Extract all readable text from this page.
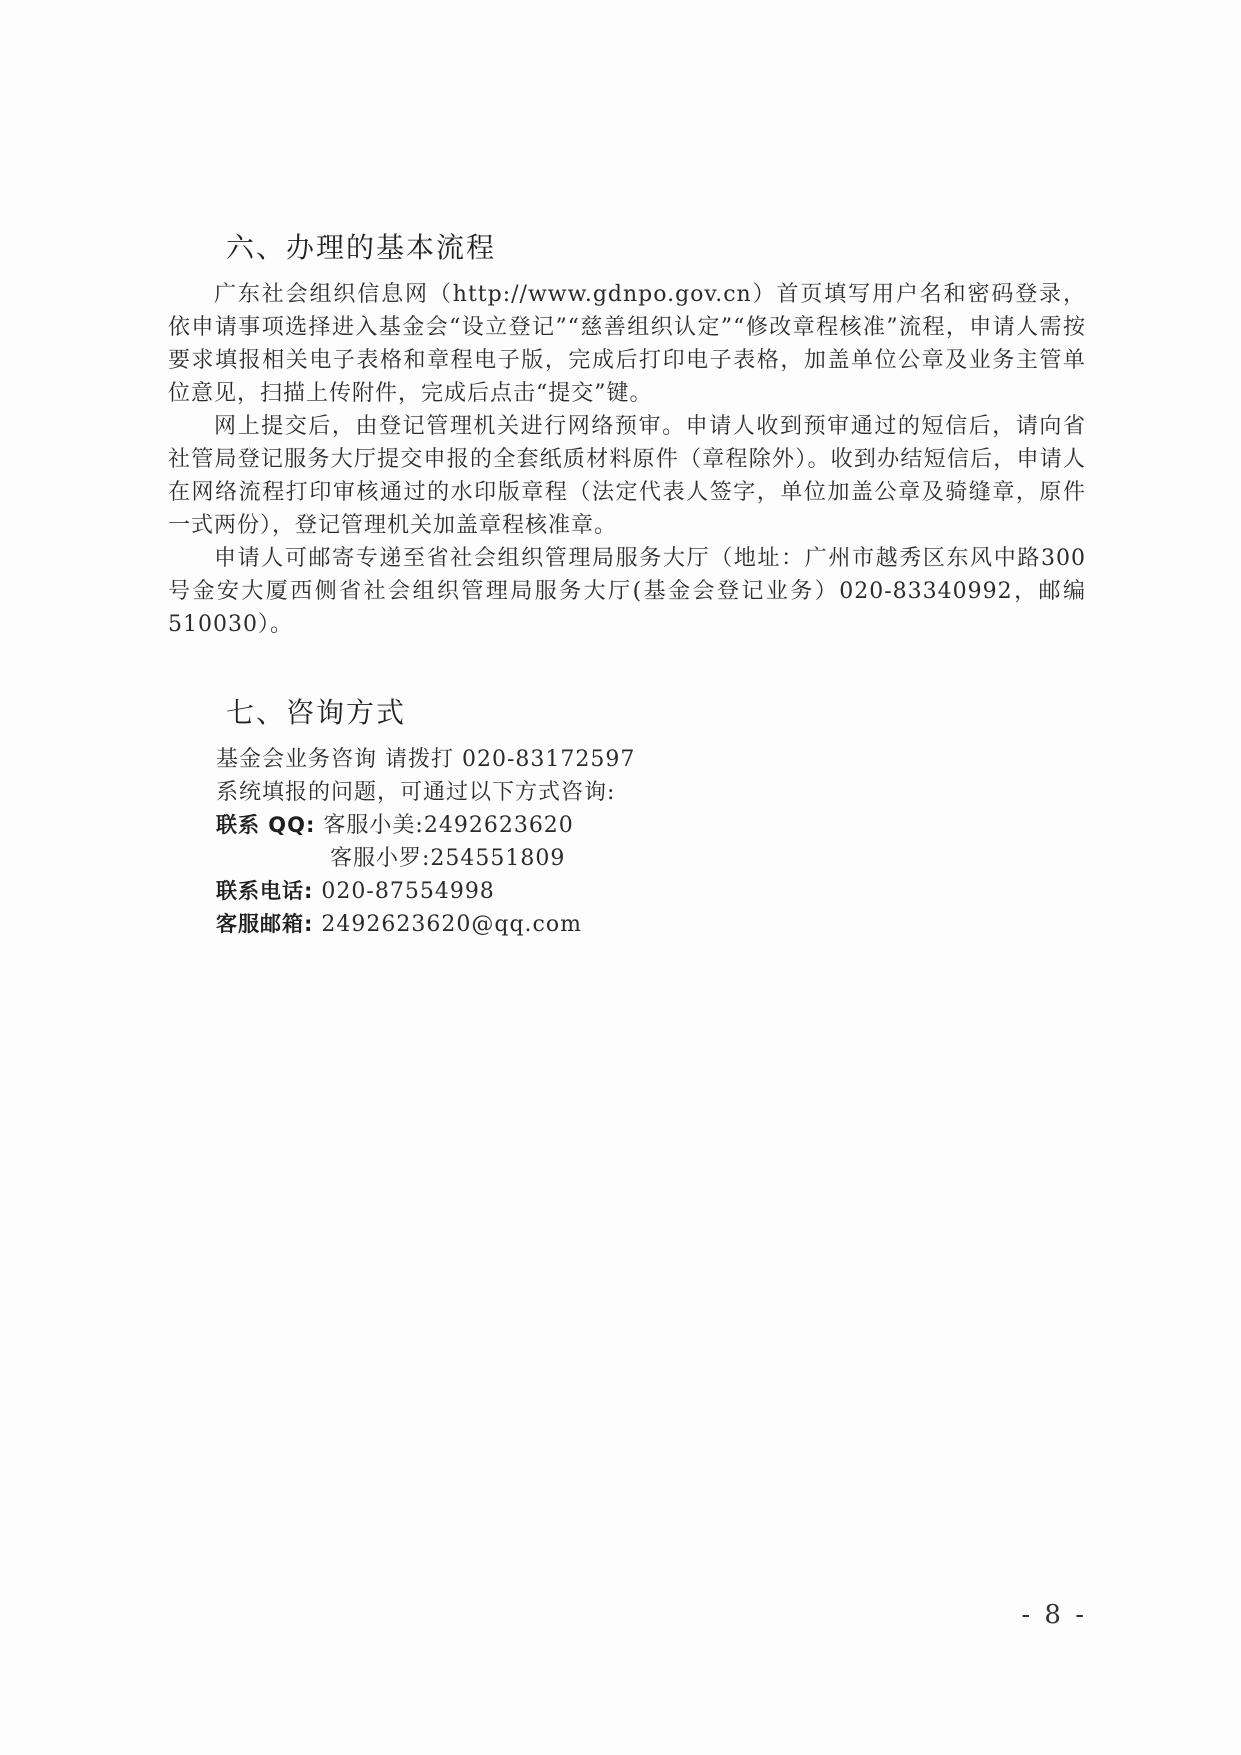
六、办理的基本流程

广东社会组织信息网（http://www.gdnpo.gov.cn）首页填写用户名和密码登录，依申请事项选择进入基金会“设立登记”“慈善组织认定”“修改章程核准”流程，申请人需按要求填报相关电子表格和章程电子版，完成后打印电子表格，加盖单位公章及业务主管单位意见，扫描上传附件，完成后点击“提交”键。

网上提交后，由登记管理机关进行网络预审。申请人收到预审通过的短信后，请向省社管局登记服务大厅提交申报的全套纸质材料原件（章程除外）。收到办结短信后，申请人在网络流程打印审核通过的水印版章程（法定代表人签字，单位加盖公章及骑缝章，原件一式两份），登记管理机关加盖章程核准章。

申请人可邮寄专递至省社会组织管理局服务大厅（地址：广州市越秀区东风中路300号金安大厦西侧省社会组织管理局服务大厅(基金会登记业务）020-83340992，邮编510030）。

七、咨询方式
基金会业务咨询 请拨打 020-83172597
系统填报的问题，可通过以下方式咨询:
联系 QQ: 客服小美:2492623620
客服小罗:254551809
联系电话: 020-87554998
客服邮箱: 2492623620@qq.com
- 8 -
